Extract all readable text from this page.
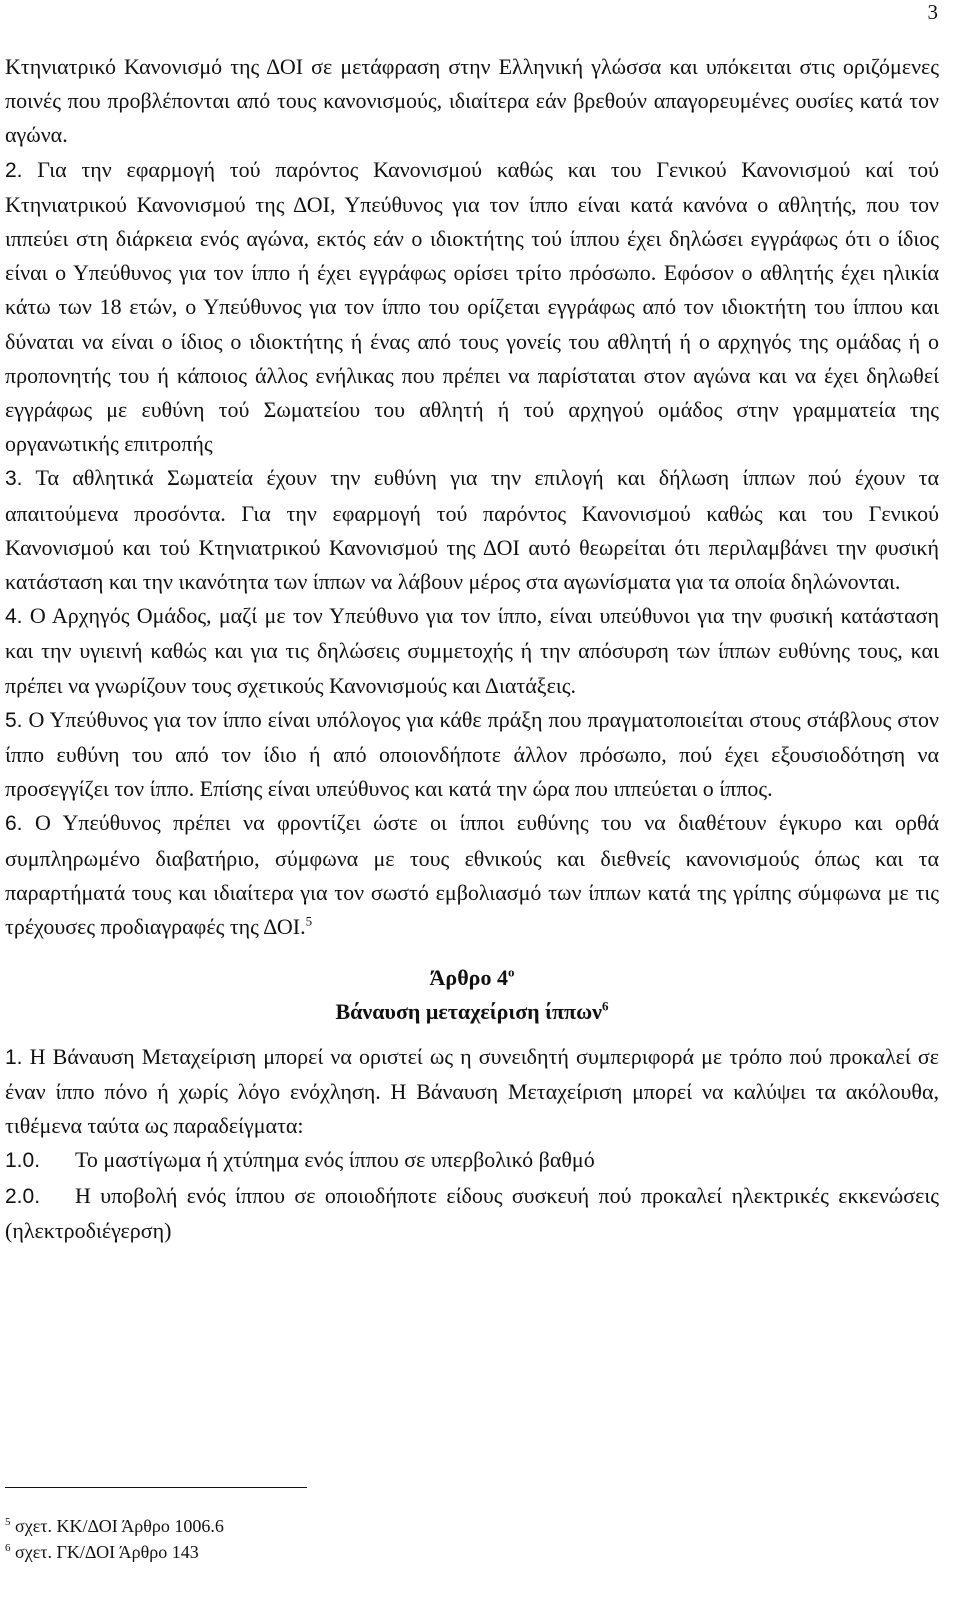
3

Κτηνιατρικό Κανονισμό της ΔΟΙ σε μετάφραση στην Ελληνική γλώσσα και υπόκειται στις οριζόμενες ποινές που προβλέπονται από τους κανονισμούς, ιδιαίτερα εάν βρεθούν απαγορευμένες ουσίες κατά τον αγώνα.

2. Για την εφαρμογή τού παρόντος Κανονισμού καθώς και του Γενικού Κανονισμού καί τού Κτηνιατρικού Κανονισμού της ΔΟΙ, Υπεύθυνος για τον ίππο είναι κατά κανόνα ο αθλητής, που τον ιππεύει στη διάρκεια ενός αγώνα, εκτός εάν ο ιδιοκτήτης τού ίππου έχει δηλώσει εγγράφως ότι ο ίδιος είναι ο Υπεύθυνος για τον ίππο ή έχει εγγράφως ορίσει τρίτο πρόσωπο. Εφόσον ο αθλητής έχει ηλικία κάτω των 18 ετών, ο Υπεύθυνος για τον ίππο του ορίζεται εγγράφως από τον ιδιοκτήτη του ίππου και δύναται να είναι ο ίδιος ο ιδιοκτήτης ή ένας από τους γονείς του αθλητή ή ο αρχηγός της ομάδας ή ο προπονητής του ή κάποιος άλλος ενήλικας που πρέπει να παρίσταται στον αγώνα και να έχει δηλωθεί εγγράφως με ευθύνη τού Σωματείου του αθλητή ή τού αρχηγού ομάδος στην γραμματεία της οργανωτικής επιτροπής

3. Τα αθλητικά Σωματεία έχουν την ευθύνη για την επιλογή και δήλωση ίππων πού έχουν τα απαιτούμενα προσόντα. Για την εφαρμογή τού παρόντος Κανονισμού καθώς και του Γενικού Κανονισμού και τού Κτηνιατρικού Κανονισμού της ΔΟΙ αυτό θεωρείται ότι περιλαμβάνει την φυσική κατάσταση και την ικανότητα των ίππων να λάβουν μέρος στα αγωνίσματα για τα οποία δηλώνονται.

4. Ο Αρχηγός Ομάδος, μαζί με τον Υπεύθυνο για τον ίππο, είναι υπεύθυνοι για την φυσική κατάσταση και την υγιεινή καθώς και για τις δηλώσεις συμμετοχής ή την απόσυρση των ίππων ευθύνης τους, και πρέπει να γνωρίζουν τους σχετικούς Κανονισμούς και Διατάξεις.

5. Ο Υπεύθυνος για τον ίππο είναι υπόλογος για κάθε πράξη που πραγματοποιείται στους στάβλους στον ίππο ευθύνη του από τον ίδιο ή από οποιονδήποτε άλλον πρόσωπο, πού έχει εξουσιοδότηση να προσεγγίζει τον ίππο. Επίσης είναι υπεύθυνος και κατά την ώρα που ιππεύεται ο ίππος.

6. Ο Υπεύθυνος πρέπει να φροντίζει ώστε οι ίπποι ευθύνης του να διαθέτουν έγκυρο και ορθά συμπληρωμένο διαβατήριο, σύμφωνα με τους εθνικούς και διεθνείς κανονισμούς όπως και τα παραρτήματά τους και ιδιαίτερα για τον σωστό εμβολιασμό των ίππων κατά της γρίπης σύμφωνα με τις τρέχουσες προδιαγραφές της ΔΟΙ.$^5$

Άρθρο $4^o$

Βάναυση μεταχείριση ίππων$^6$

1. Η Βάναυση Μεταχείριση μπορεί να οριστεί ως η συνειδητή συμπεριφορά με τρόπο πού προκαλεί σε έναν ίππο πόνο ή χωρίς λόγο ενόχληση. Η Βάναυση Μεταχείριση μπορεί να καλύψει τα ακόλουθα, τιθέμενα ταύτα ως παραδείγματα:

1.0. Το μαστίγωμα ή χτύπημα ενός ίππου σε υπερβολικό βαθμό

2.0. Η υποβολή ενός ίππου σε οποιοδήποτε είδους συσκευή πού προκαλεί ηλεκτρικές εκκενώσεις (ηλεκτροδιέγερση)

$^5$ σχετ. ΚΚ/ΔΟΙ Άρθρο 1006.6
$^6$ σχετ. ΓΚ/ΔΟΙ Άρθρο 143
